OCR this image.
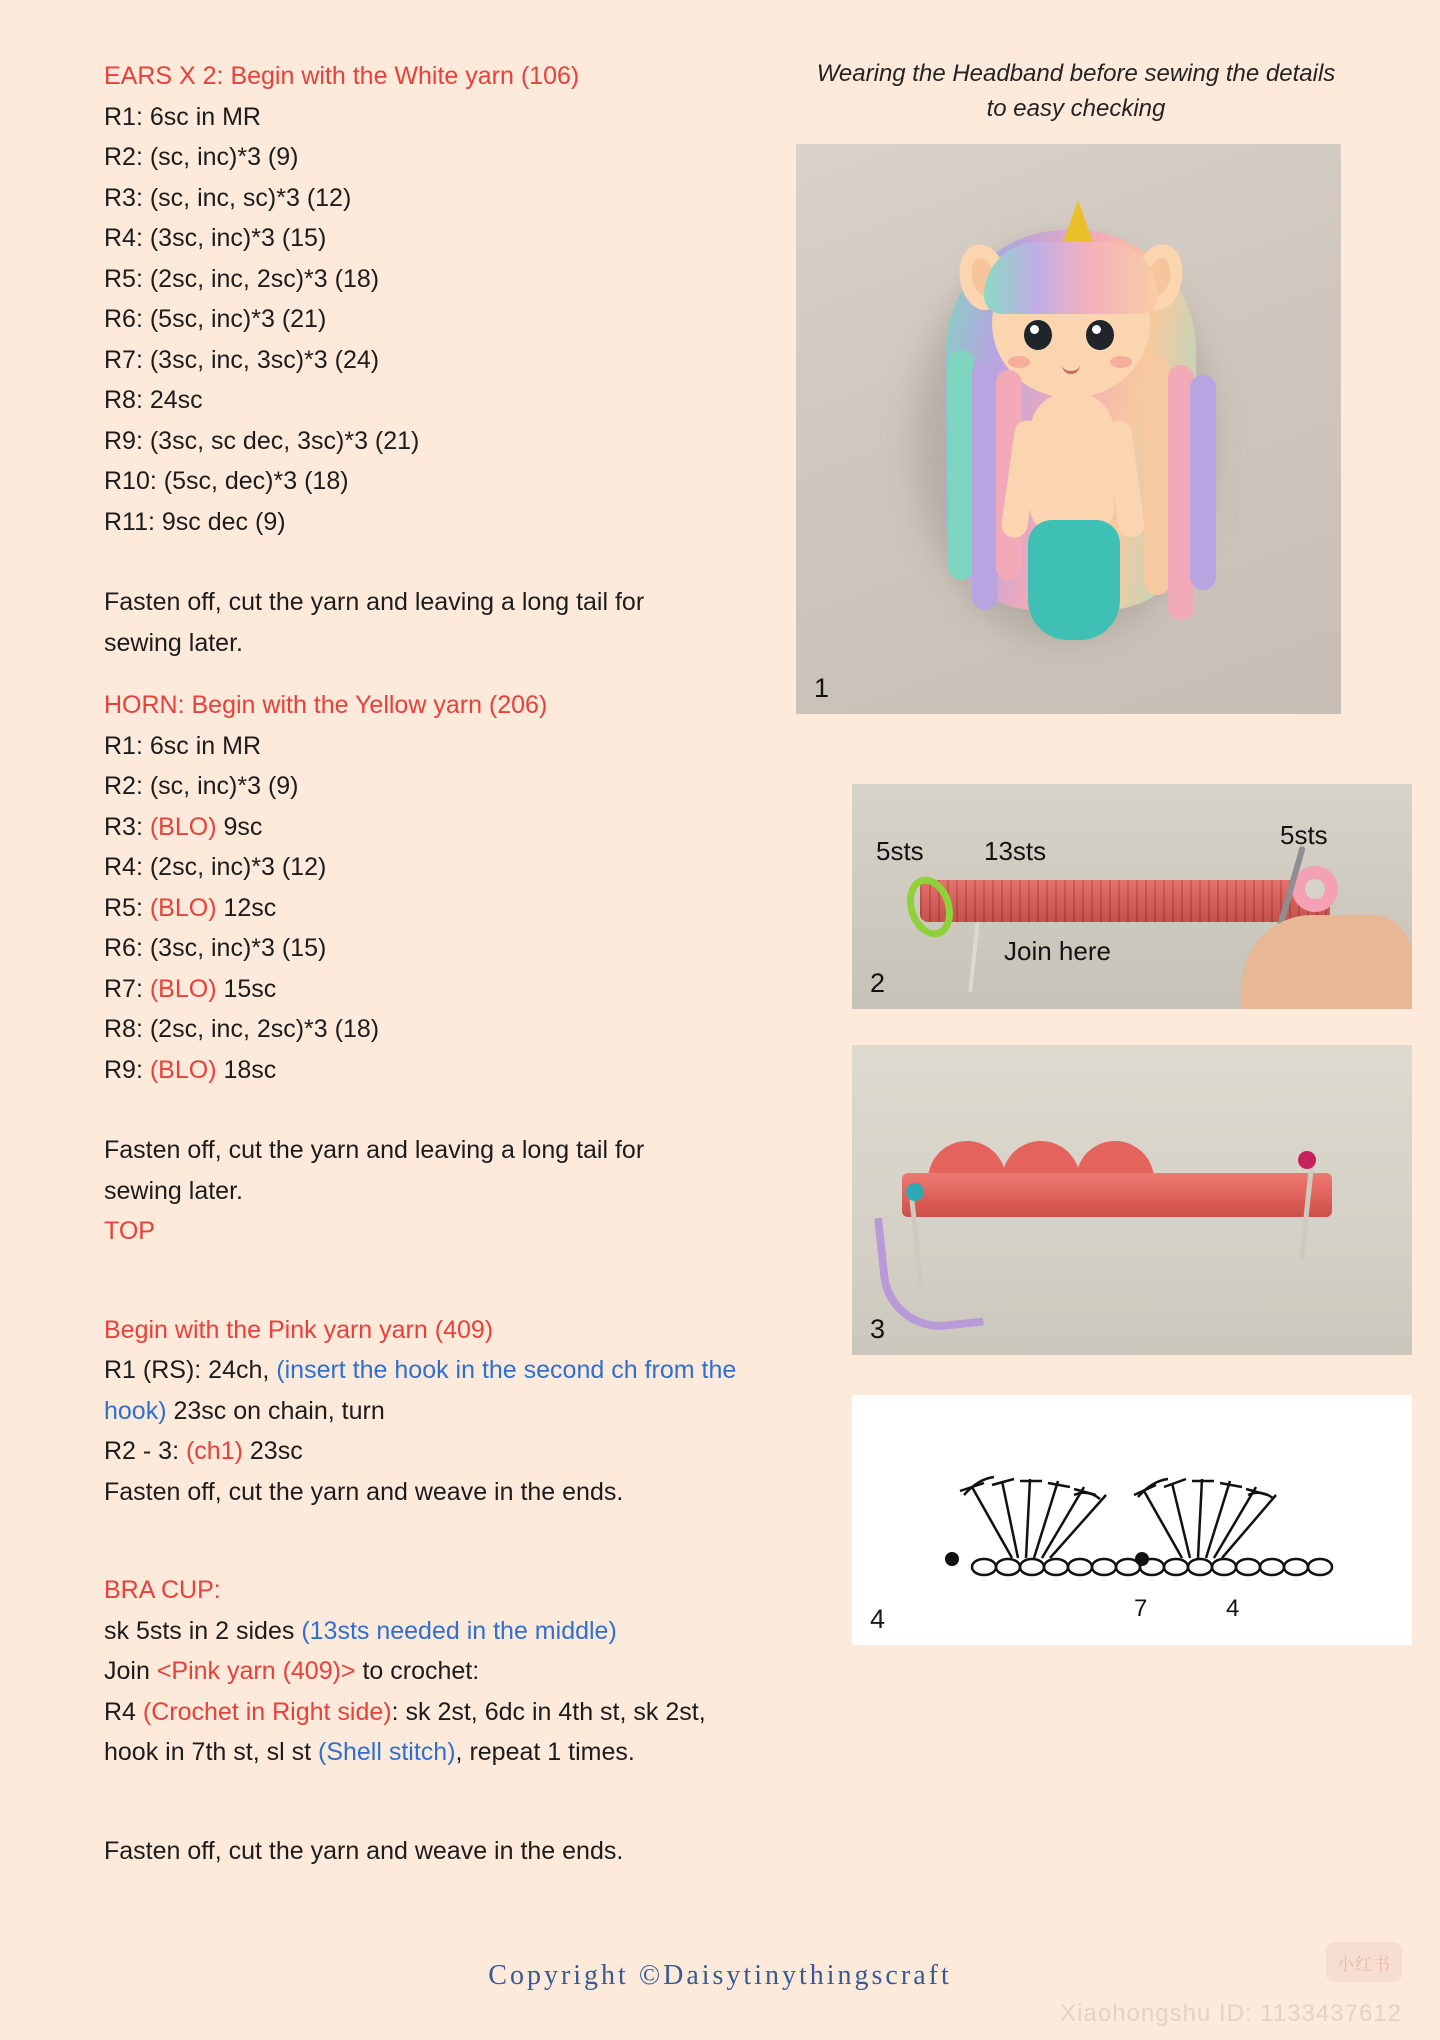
EARS X 2: Begin with the White yarn (106)
R1: 6sc in MR
R2: (sc, inc)*3 (9)
R3: (sc, inc, sc)*3 (12)
R4: (3sc, inc)*3 (15)
R5: (2sc, inc, 2sc)*3 (18)
R6: (5sc, inc)*3 (21)
R7: (3sc, inc, 3sc)*3 (24)
R8: 24sc
R9: (3sc, sc dec, 3sc)*3 (21)
R10: (5sc, dec)*3 (18)
R11: 9sc dec (9)
Fasten off, cut the yarn and leaving a long tail for sewing later.
HORN: Begin with the Yellow yarn (206)
R1: 6sc in MR
R2: (sc, inc)*3 (9)
R3: (BLO) 9sc
R4: (2sc, inc)*3 (12)
R5: (BLO) 12sc
R6: (3sc, inc)*3 (15)
R7: (BLO) 15sc
R8: (2sc, inc, 2sc)*3 (18)
R9: (BLO) 18sc
Fasten off, cut the yarn and leaving a long tail for sewing later.
TOP
Begin with the Pink yarn yarn (409)
R1 (RS): 24ch, (insert the hook in the second ch from the hook) 23sc on chain, turn
R2 - 3: (ch1) 23sc
Fasten off, cut the yarn and weave in the ends.
BRA CUP:
sk 5sts in 2 sides (13sts needed in the middle)
Join <Pink yarn (409)> to crochet:
R4 (Crochet in Right side): sk 2st, 6dc in 4th st, sk 2st, hook in 7th st, sl st (Shell stitch), repeat 1 times.
Fasten off, cut the yarn and weave in the ends.
Wearing the Headband before sewing the details to easy checking
1
5sts 13sts
5sts
Join here
2
3
7	4
4
Copyright ©Daisytinythingscraft	小红书
Xiaohongshu ID: 1133437612
